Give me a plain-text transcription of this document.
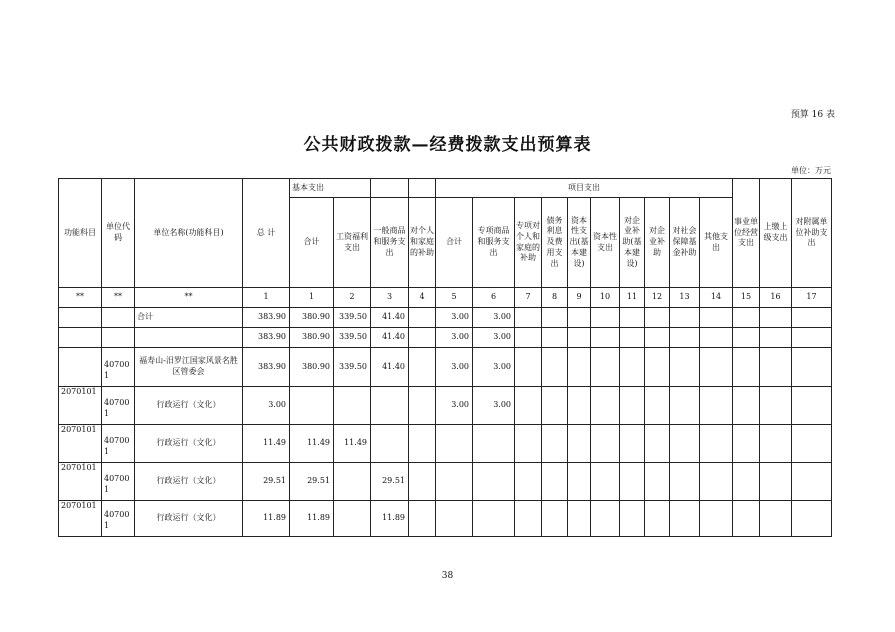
预算 16 表
公共财政拨款—经费拨款支出预算表
单位：万元
功能科目	单位代码	单位名称(功能科目)	总 计	基本支出				项目支出										事业单位经营支出	上缴上级支出	对附属单位补助支出
				合计	工资福利支出	一般商品和服务支出	对个人和家庭的补助	合计	专项商品和服务支出	专项对个人和家庭的补助	债务利息及费用支出	资本性支出(基本建设)	资本性支出	对企业补助(基本建设)	对企业补助	对社会保障基金补助	其他支出			
**	**	**	1	1	2	3	4	5	6	7	8	9	10	11	12	13	14	15	16	17
		合计	383.90	380.90	339.50	41.40		3.00	3.00											
			383.90	380.90	339.50	41.40		3.00	3.00											
	407001	福寿山-汨罗江国家风景名胜区管委会	383.90	380.90	339.50	41.40		3.00	3.00											
2070101	407001	行政运行（文化）	3.00					3.00	3.00											
2070101	407001	行政运行（文化）	11.49	11.49	11.49															
2070101	407001	行政运行（文化）	29.51	29.51		29.51														
2070101	407001	行政运行（文化）	11.89	11.89		11.89														
38
